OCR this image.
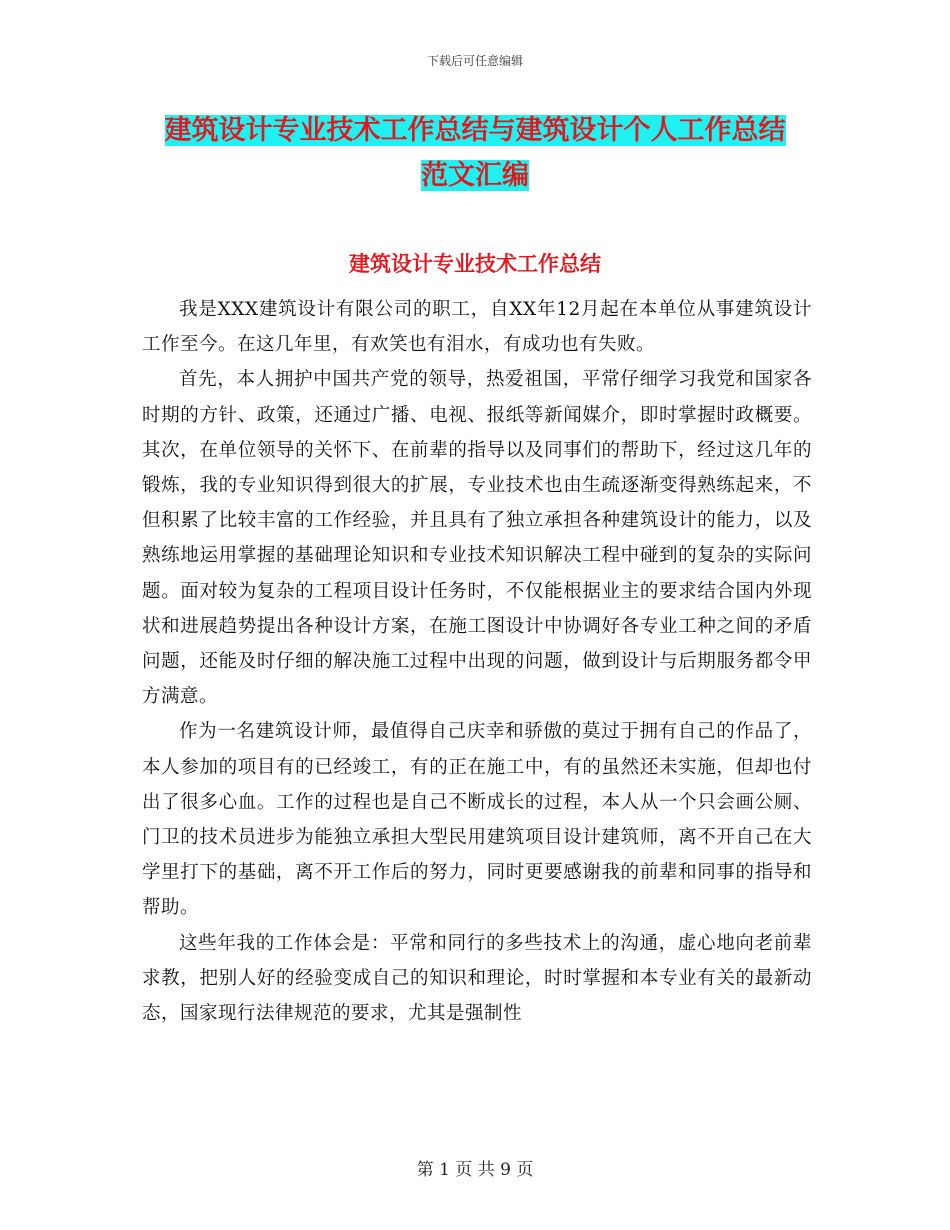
下载后可任意编辑
建筑设计专业技术工作总结与建筑设计个人工作总结
范文汇编
建筑设计专业技术工作总结

我是XXX建筑设计有限公司的职工，自XX年12月起在本单位从事建筑设计工作至今。在这几年里，有欢笑也有泪水，有成功也有失败。

首先，本人拥护中国共产党的领导，热爱祖国，平常仔细学习我党和国家各时期的方针、政策，还通过广播、电视、报纸等新闻媒介，即时掌握时政概要。其次，在单位领导的关怀下、在前辈的指导以及同事们的帮助下，经过这几年的锻炼，我的专业知识得到很大的扩展，专业技术也由生疏逐渐变得熟练起来，不但积累了比较丰富的工作经验，并且具有了独立承担各种建筑设计的能力，以及熟练地运用掌握的基础理论知识和专业技术知识解决工程中碰到的复杂的实际问题。面对较为复杂的工程项目设计任务时，不仅能根据业主的要求结合国内外现状和进展趋势提出各种设计方案，在施工图设计中协调好各专业工种之间的矛盾问题，还能及时仔细的解决施工过程中出现的问题，做到设计与后期服务都令甲方满意。

作为一名建筑设计师，最值得自己庆幸和骄傲的莫过于拥有自己的作品了，本人参加的项目有的已经竣工，有的正在施工中，有的虽然还未实施，但却也付出了很多心血。工作的过程也是自己不断成长的过程，本人从一个只会画公厕、门卫的技术员进步为能独立承担大型民用建筑项目设计建筑师，离不开自己在大学里打下的基础，离不开工作后的努力，同时更要感谢我的前辈和同事的指导和帮助。

这些年我的工作体会是：平常和同行的多些技术上的沟通，虚心地向老前辈求教，把别人好的经验变成自己的知识和理论，时时掌握和本专业有关的最新动态，国家现行法律规范的要求，尤其是强制性

第 1 页 共 9 页
